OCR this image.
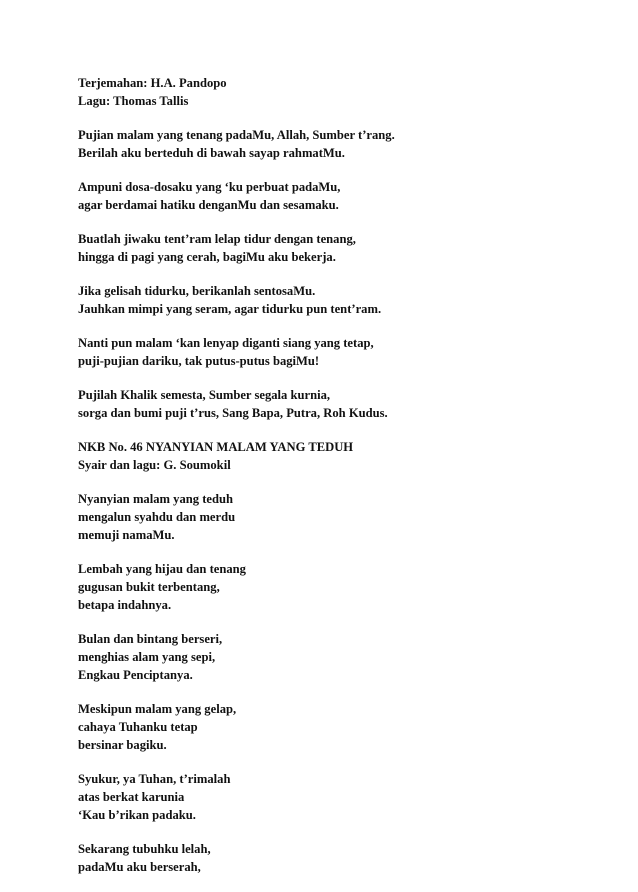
Terjemahan: H.A. Pandopo
Lagu: Thomas Tallis
Pujian malam yang tenang padaMu, Allah, Sumber t’rang.
Berilah aku berteduh di bawah sayap rahmatMu.
Ampuni dosa-dosaku yang ‘ku perbuat padaMu,
agar berdamai hatiku denganMu dan sesamaku.
Buatlah jiwaku tent’ram lelap tidur dengan tenang,
hingga di pagi yang cerah, bagiMu aku bekerja.
Jika gelisah tidurku, berikanlah sentosaMu.
Jauhkan mimpi yang seram, agar tidurku pun tent’ram.
Nanti pun malam ‘kan lenyap diganti siang yang tetap,
puji-pujian dariku, tak putus-putus bagiMu!
Pujilah Khalik semesta, Sumber segala kurnia,
sorga dan bumi puji t’rus, Sang Bapa, Putra, Roh Kudus.
NKB No. 46 NYANYIAN MALAM YANG TEDUH
Syair dan lagu: G. Soumokil
Nyanyian malam yang teduh
mengalun syahdu dan merdu
memuji namaMu.
Lembah yang hijau dan tenang
gugusan bukit terbentang,
betapa indahnya.
Bulan dan bintang berseri,
menghias alam yang sepi,
Engkau Penciptanya.
Meskipun malam yang gelap,
cahaya Tuhanku tetap
bersinar bagiku.
Syukur, ya Tuhan, t’rimalah
atas berkat karunia
‘Kau b’rikan padaku.
Sekarang tubuhku lelah,
padaMu aku berserah,
